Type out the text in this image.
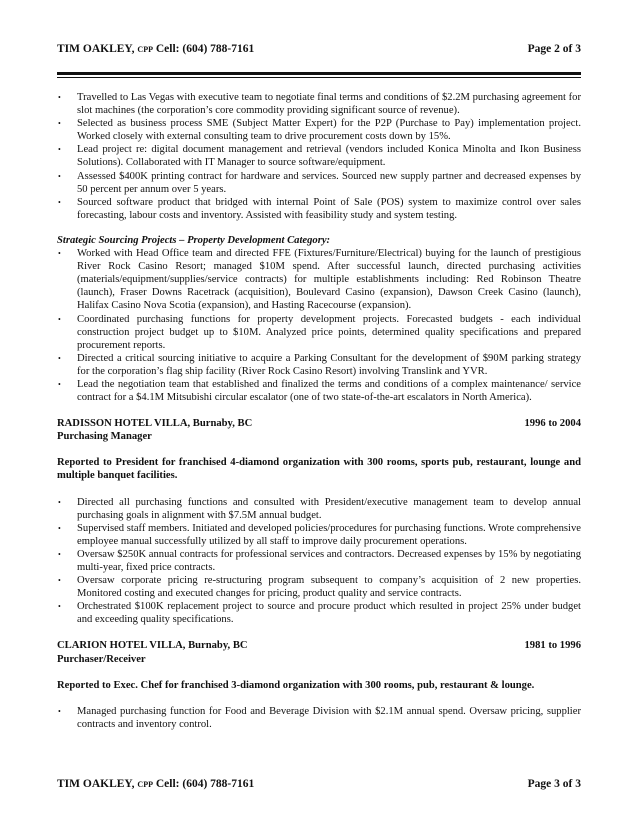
TIM OAKLEY, CPP Cell: (604) 788-7161	Page 2 of 3
• Travelled to Las Vegas with executive team to negotiate final terms and conditions of $2.2M purchasing agreement for slot machines (the corporation’s core commodity providing significant source of revenue).
• Selected as business process SME (Subject Matter Expert) for the P2P (Purchase to Pay) implementation project. Worked closely with external consulting team to drive procurement costs down by 15%.
• Lead project re: digital document management and retrieval (vendors included Konica Minolta and Ikon Business Solutions). Collaborated with IT Manager to source software/equipment.
• Assessed $400K printing contract for hardware and services. Sourced new supply partner and decreased expenses by 50 percent per annum over 5 years.
• Sourced software product that bridged with internal Point of Sale (POS) system to maximize control over sales forecasting, labour costs and inventory. Assisted with feasibility study and system testing.
Strategic Sourcing Projects – Property Development Category:
• Worked with Head Office team and directed FFE (Fixtures/Furniture/Electrical) buying for the launch of prestigious River Rock Casino Resort; managed $10M spend. After successful launch, directed purchasing activities (materials/equipment/supplies/service contracts) for multiple establishments including: Red Robinson Theatre (launch), Fraser Downs Racetrack (acquisition), Boulevard Casino (expansion), Dawson Creek Casino (launch), Halifax Casino Nova Scotia (expansion), and Hasting Racecourse (expansion).
• Coordinated purchasing functions for property development projects. Forecasted budgets - each individual construction project budget up to $10M. Analyzed price points, determined quality specifications and prepared procurement reports.
• Directed a critical sourcing initiative to acquire a Parking Consultant for the development of $90M parking strategy for the corporation’s flag ship facility (River Rock Casino Resort) involving Translink and YVR.
• Lead the negotiation team that established and finalized the terms and conditions of a complex maintenance/ service contract for a $4.1M Mitsubishi circular escalator (one of two state-of-the-art escalators in North America).
RADISSON HOTEL VILLA, Burnaby, BC	1996 to 2004
Purchasing Manager
Reported to President for franchised 4-diamond organization with 300 rooms, sports pub, restaurant, lounge and multiple banquet facilities.
• Directed all purchasing functions and consulted with President/executive management team to develop annual purchasing goals in alignment with $7.5M annual budget.
• Supervised staff members. Initiated and developed policies/procedures for purchasing functions. Wrote comprehensive employee manual successfully utilized by all staff to improve daily procurement operations.
• Oversaw $250K annual contracts for professional services and contractors. Decreased expenses by 15% by negotiating multi-year, fixed price contracts.
• Oversaw corporate pricing re-structuring program subsequent to company’s acquisition of 2 new properties. Monitored costing and executed changes for pricing, product quality and service contracts.
• Orchestrated $100K replacement project to source and procure product which resulted in project 25% under budget and exceeding quality specifications.
CLARION HOTEL VILLA, Burnaby, BC	1981 to 1996
Purchaser/Receiver
Reported to Exec. Chef for franchised 3-diamond organization with 300 rooms, pub, restaurant & lounge.
• Managed purchasing function for Food and Beverage Division with $2.1M annual spend. Oversaw pricing, supplier contracts and inventory control.
TIM OAKLEY, CPP Cell: (604) 788-7161	Page 3 of 3
